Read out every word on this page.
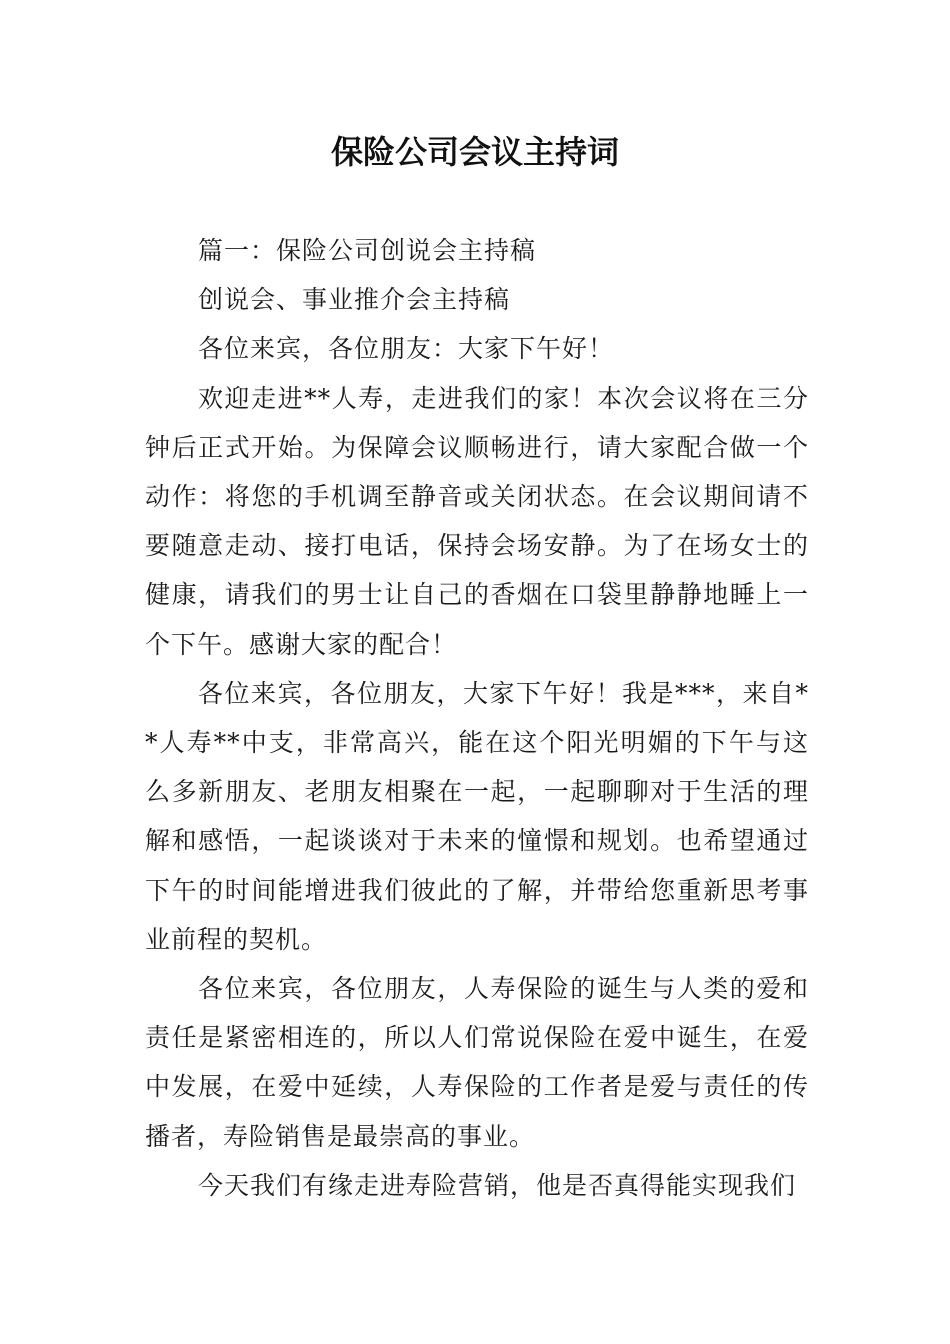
保险公司会议主持词

篇一：保险公司创说会主持稿

创说会、事业推介会主持稿

各位来宾，各位朋友：大家下午好！

欢迎走进**人寿，走进我们的家！本次会议将在三分钟后正式开始。为保障会议顺畅进行，请大家配合做一个动作：将您的手机调至静音或关闭状态。在会议期间请不要随意走动、接打电话，保持会场安静。为了在场女士的健康，请我们的男士让自己的香烟在口袋里静静地睡上一个下午。感谢大家的配合！

各位来宾，各位朋友，大家下午好！我是***，来自**人寿**中支，非常高兴，能在这个阳光明媚的下午与这么多新朋友、老朋友相聚在一起，一起聊聊对于生活的理解和感悟，一起谈谈对于未来的憧憬和规划。也希望通过下午的时间能增进我们彼此的了解，并带给您重新思考事业前程的契机。

各位来宾，各位朋友，人寿保险的诞生与人类的爱和责任是紧密相连的，所以人们常说保险在爱中诞生，在爱中发展，在爱中延续，人寿保险的工作者是爱与责任的传播者，寿险销售是最崇高的事业。

今天我们有缘走进寿险营销，他是否真得能实现我们
